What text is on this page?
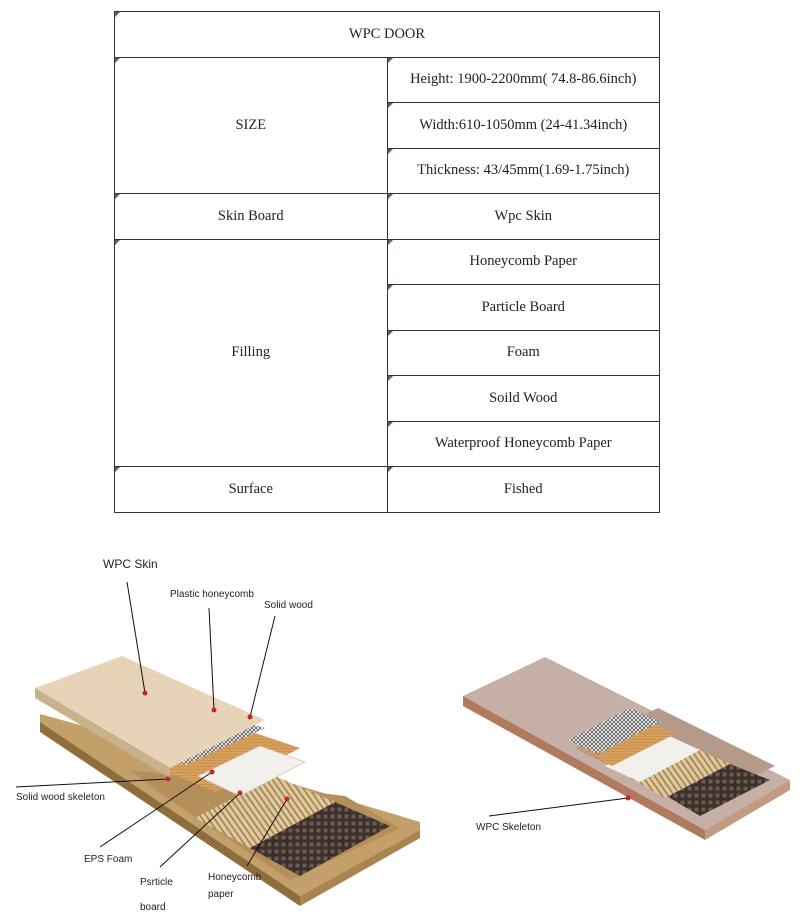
WPC DOOR	
SIZE	Height: 1900-2200mm( 74.8-86.6inch)
	Width:610-1050mm (24-41.34inch)
	Thickness: 43/45mm(1.69-1.75inch)
Skin Board	Wpc Skin
Filling	Honeycomb Paper
	Particle Board
	Foam
	Soild Wood
	Waterproof Honeycomb Paper
Surface	Fished
WPC Skin
Plastic honeycomb
Solid wood
Solid wood skeleton
EPS Foam
Psrticle
board
Honeycomb
paper
WPC Skeleton
